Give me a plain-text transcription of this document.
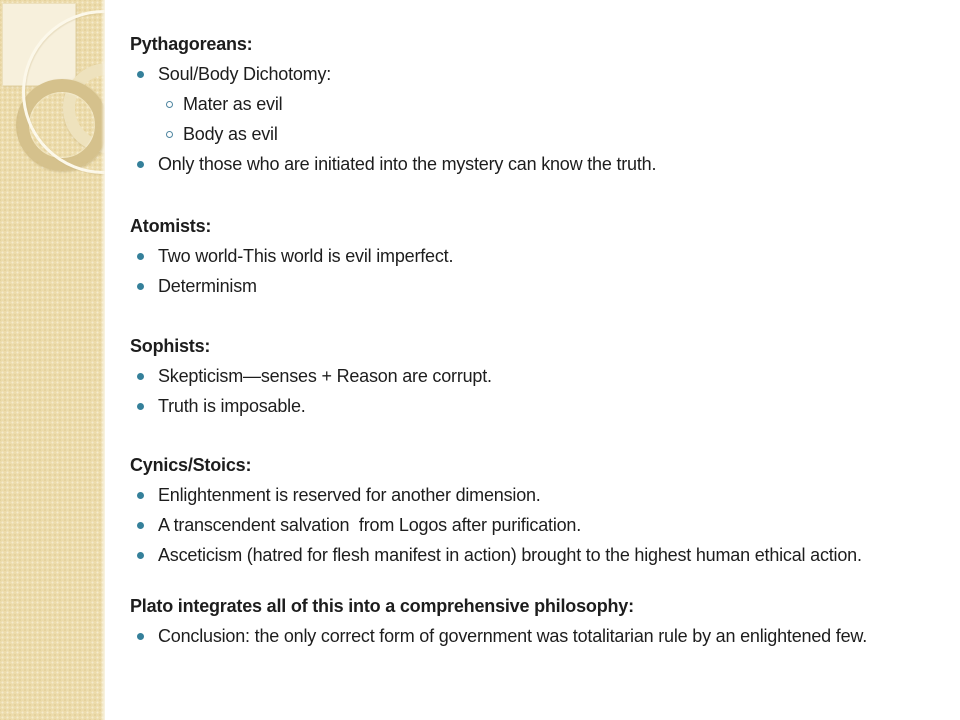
Pythagoreans:
Soul/Body Dichotomy:
Mater as evil
Body as evil
Only those who are initiated into the mystery can know the truth.
Atomists:
Two world-This world is evil imperfect.
Determinism
Sophists:
Skepticism—senses + Reason are corrupt.
Truth is imposable.
Cynics/Stoics:
Enlightenment is reserved for another dimension.
A transcendent salvation  from Logos after purification.
Asceticism (hatred for flesh manifest in action) brought to the highest human ethical action.
Plato integrates all of this into a comprehensive philosophy:
Conclusion: the only correct form of government was totalitarian rule by an enlightened few.
